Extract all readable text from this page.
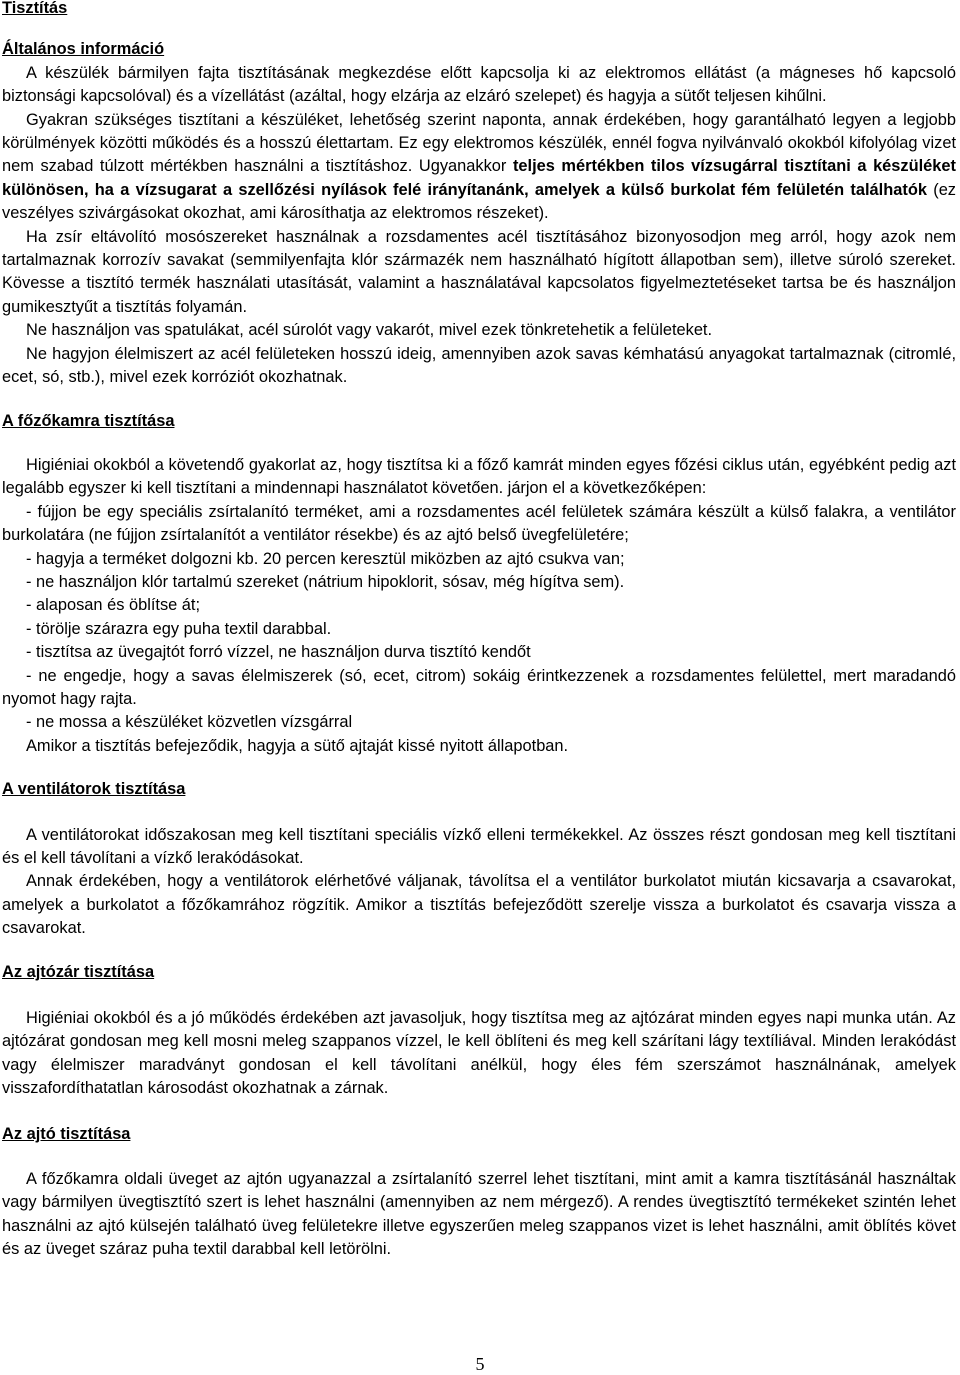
Tisztítás

Általános információ

A készülék bármilyen fajta tisztításának megkezdése előtt kapcsolja ki az elektromos ellátást (a mágneses hő kapcsoló biztonsági kapcsolóval) és a vízellátást (azáltal, hogy elzárja az elzáró szelepet) és hagyja a sütőt teljesen kihűlni.

Gyakran szükséges tisztítani a készüléket, lehetőség szerint naponta, annak érdekében, hogy garantálható legyen a legjobb körülmények közötti működés és a hosszú élettartam. Ez egy elektromos készülék, ennél fogva nyilvánvaló okokból kifolyólag vizet nem szabad túlzott mértékben használni a tisztításhoz. Ugyanakkor teljes mértékben tilos vízsugárral tisztítani a készüléket különösen, ha a vízsugarat a szellőzési nyílások felé irányítanánk, amelyek a külső burkolat fém felületén találhatók (ez veszélyes szivárgásokat okozhat, ami károsíthatja az elektromos részeket).

Ha zsír eltávolító mosószereket használnak a rozsdamentes acél tisztításához bizonyosodjon meg arról, hogy azok nem tartalmaznak korrozív savakat (semmilyenfajta klór származék nem használható hígított állapotban sem), illetve súroló szereket. Kövesse a tisztító termék használati utasítását, valamint a használatával kapcsolatos figyelmeztetéseket tartsa be és használjon gumikesztyűt a tisztítás folyamán.

Ne használjon vas spatulákat, acél súrolót vagy vakarót, mivel ezek tönkretehetik a felületeket.

Ne hagyjon élelmiszert az acél felületeken hosszú ideig, amennyiben azok savas kémhatású anyagokat tartalmaznak (citromlé, ecet, só, stb.), mivel ezek korróziót okozhatnak.

A főzőkamra tisztítása

Higiéniai okokból a követendő gyakorlat az, hogy tisztítsa ki a főző kamrát minden egyes főzési ciklus után, egyébként pedig azt legalább egyszer ki kell tisztítani a mindennapi használatot követően. járjon el a következőképen:

- fújjon be egy speciális zsírtalanító terméket, ami a rozsdamentes acél felületek számára készült a külső falakra, a ventilátor burkolatára (ne fújjon zsírtalanítót a ventilátor résekbe) és az ajtó belső üvegfelületére;

- hagyja a terméket dolgozni kb. 20 percen keresztül miközben az ajtó csukva van;

- ne használjon klór tartalmú szereket (nátrium hipoklorit, sósav, még hígítva sem).

- alaposan és öblítse át;

- törölje szárazra egy puha textil darabbal.

- tisztítsa az üvegajtót forró vízzel, ne használjon durva tisztító kendőt

- ne engedje, hogy a savas élelmiszerek (só, ecet, citrom) sokáig érintkezzenek a rozsdamentes felülettel, mert maradandó nyomot hagy rajta.

- ne mossa a készüléket közvetlen vízsgárral

Amikor a tisztítás befejeződik, hagyja a sütő ajtaját kissé nyitott állapotban.

A ventilátorok tisztítása

A ventilátorokat időszakosan meg kell tisztítani speciális vízkő elleni termékekkel. Az összes részt gondosan meg kell tisztítani és el kell távolítani a vízkő lerakódásokat.

Annak érdekében, hogy a ventilátorok elérhetővé váljanak, távolítsa el a ventilátor burkolatot miután kicsavarja a csavarokat, amelyek a burkolatot a főzőkamrához rögzítik. Amikor a tisztítás befejeződött szerelje vissza a burkolatot és csavarja vissza a csavarokat.

Az ajtózár tisztítása

Higiéniai okokból és a jó működés érdekében azt javasoljuk, hogy tisztítsa meg az ajtózárat minden egyes napi munka után. Az ajtózárat gondosan meg kell mosni meleg szappanos vízzel, le kell öblíteni és meg kell szárítani lágy textíliával. Minden lerakódást vagy élelmiszer maradványt gondosan el kell távolítani anélkül, hogy éles fém szerszámot használnának, amelyek visszafordíthatatlan károsodást okozhatnak a zárnak.

Az ajtó tisztítása

A főzőkamra oldali üveget az ajtón ugyanazzal a zsírtalanító szerrel lehet tisztítani, mint amit a kamra tisztításánál használtak vagy bármilyen üvegtisztító szert is lehet használni (amennyiben az nem mérgező). A rendes üvegtisztító termékeket szintén lehet használni az ajtó külsején található üveg felületekre illetve egyszerűen meleg szappanos vizet is lehet használni, amit öblítés követ és az üveget száraz puha textil darabbal kell letörölni.

5
